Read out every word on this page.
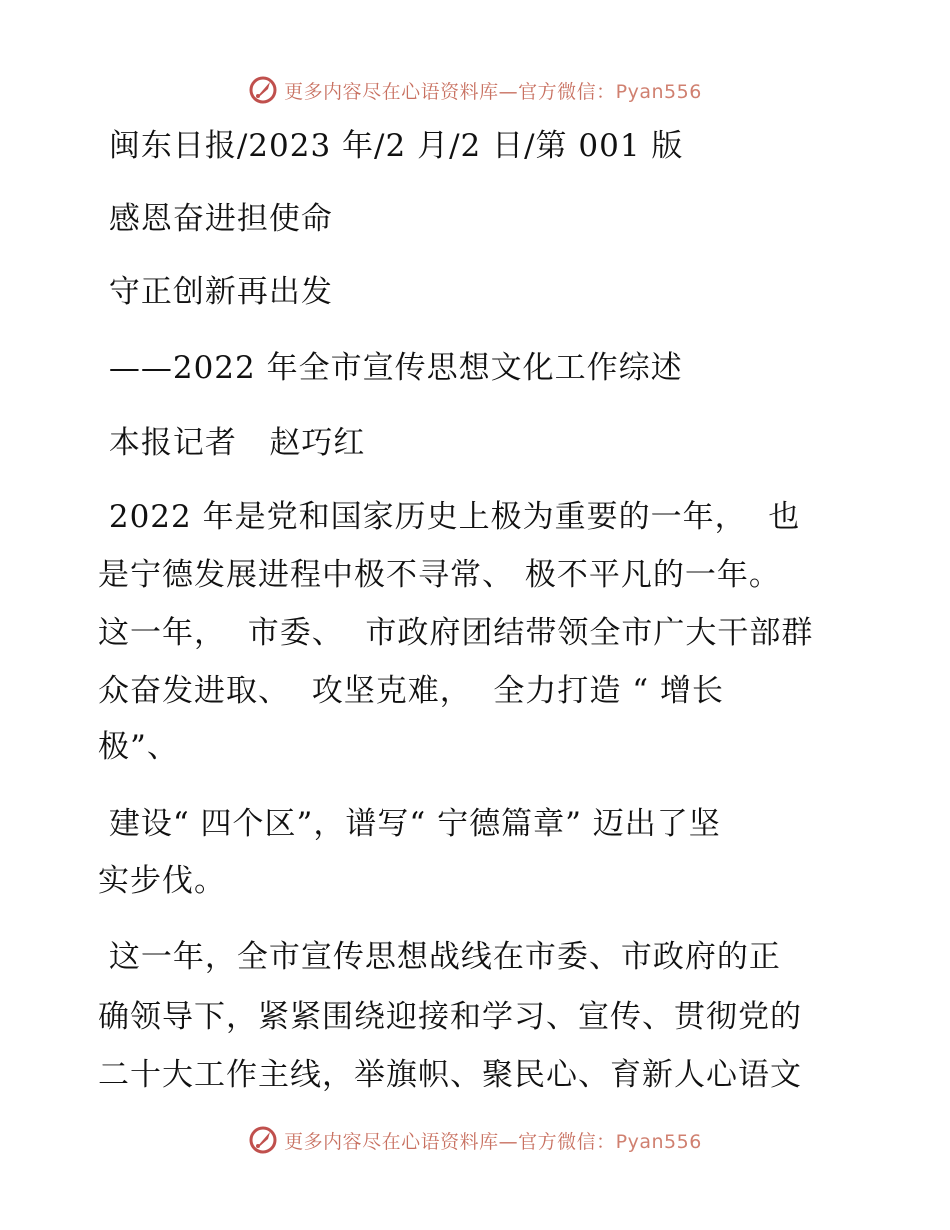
更多内容尽在心语资料库—官方微信：Pyan556
闽东日报/2023 年/2 月/2 日/第 001 版
感恩奋进担使命
守正创新再出发
——2022 年全市宣传思想文化工作综述
本报记者   赵巧红
2022 年是党和国家历史上极为重要的一年，  也
是宁德发展进程中极不寻常、 极不平凡的一年。
这一年，  市委、  市政府团结带领全市广大干部群
众奋发进取、  攻坚克难，  全力打造 “ 增长
极”、
建设“ 四个区”，谱写“ 宁德篇章” 迈出了坚
实步伐。
这一年，全市宣传思想战线在市委、市政府的正
确领导下，紧紧围绕迎接和学习、宣传、贯彻党的
二十大工作主线，举旗帜、聚民心、育新人心语文
更多内容尽在心语资料库—官方微信：Pyan556
